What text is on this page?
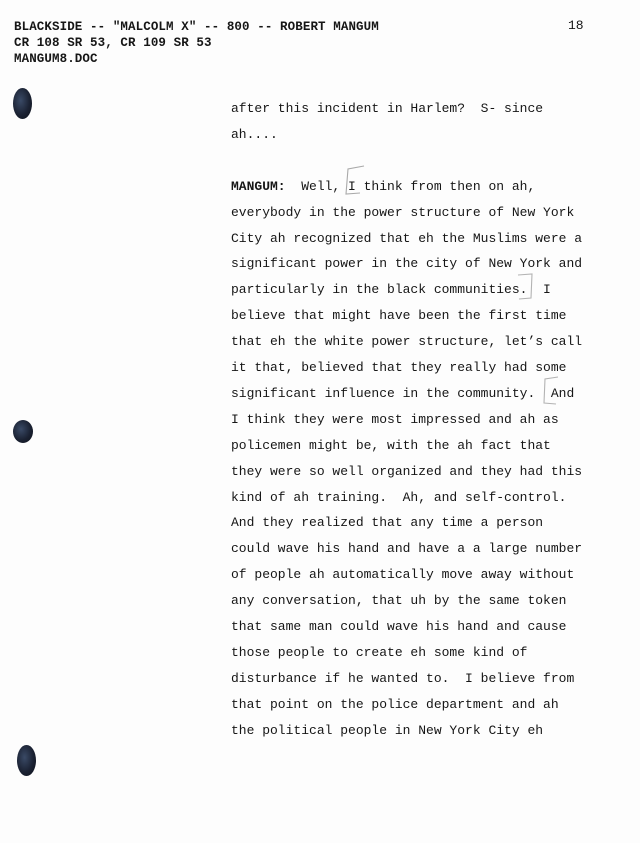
BLACKSIDE -- "MALCOLM X" -- 800 -- ROBERT MANGUM
CR 108 SR 53, CR 109 SR 53
MANGUM8.DOC
18
after this incident in Harlem?  S- since
ah....
MANGUM:  Well, I think from then on ah,
everybody in the power structure of New York
City ah recognized that eh the Muslims were a
significant power in the city of New York and
particularly in the black communities.  I
believe that might have been the first time
that eh the white power structure, let’s call
it that, believed that they really had some
significant influence in the community.  And
I think they were most impressed and ah as
policemen might be, with the ah fact that
they were so well organized and they had this
kind of ah training.  Ah, and self-control.
And they realized that any time a person
could wave his hand and have a a large number
of people ah automatically move away without
any conversation, that uh by the same token
that same man could wave his hand and cause
those people to create eh some kind of
disturbance if he wanted to.  I believe from
that point on the police department and ah
the political people in New York City eh
